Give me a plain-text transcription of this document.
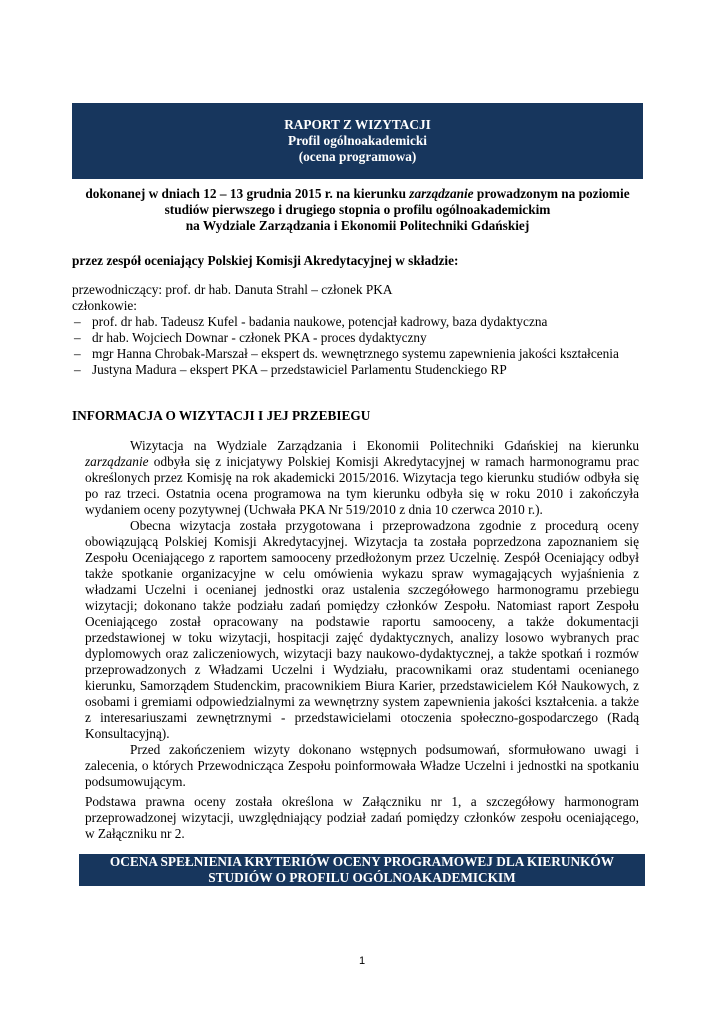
RAPORT Z WIZYTACJI
Profil ogólnoakademicki
(ocena programowa)
dokonanej w dniach 12 – 13 grudnia 2015 r. na kierunku zarządzanie prowadzonym na poziomie studiów pierwszego i drugiego stopnia o profilu ogólnoakademickim
na Wydziale Zarządzania i Ekonomii Politechniki Gdańskiej
przez zespół oceniający Polskiej Komisji Akredytacyjnej w składzie:
przewodniczący: prof. dr hab. Danuta Strahl – członek PKA
członkowie:
– prof. dr hab. Tadeusz Kufel - badania naukowe, potencjał kadrowy, baza dydaktyczna
– dr hab. Wojciech Downar - członek PKA - proces dydaktyczny
– mgr Hanna Chrobak-Marszał – ekspert ds. wewnętrznego systemu zapewnienia jakości kształcenia
– Justyna Madura – ekspert PKA – przedstawiciel Parlamentu Studenckiego RP
INFORMACJA O WIZYTACJI I JEJ PRZEBIEGU

Wizytacja na Wydziale Zarządzania i Ekonomii Politechniki Gdańskiej na kierunku zarządzanie odbyła się z inicjatywy Polskiej Komisji Akredytacyjnej w ramach harmonogramu prac określonych przez Komisję na rok akademicki 2015/2016. Wizytacja tego kierunku studiów odbyła się po raz trzeci. Ostatnia ocena programowa na tym kierunku odbyła się w roku 2010 i zakończyła wydaniem oceny pozytywnej (Uchwała PKA Nr 519/2010 z dnia 10 czerwca 2010 r.).

Obecna wizytacja została przygotowana i przeprowadzona zgodnie z procedurą oceny obowiązującą Polskiej Komisji Akredytacyjnej. Wizytacja ta została poprzedzona zapoznaniem się Zespołu Oceniającego z raportem samooceny przedłożonym przez Uczelnię. Zespół Oceniający odbył także spotkanie organizacyjne w celu omówienia wykazu spraw wymagających wyjaśnienia z władzami Uczelni i ocenianej jednostki oraz ustalenia szczegółowego harmonogramu przebiegu wizytacji; dokonano także podziału zadań pomiędzy członków Zespołu. Natomiast raport Zespołu Oceniającego został opracowany na podstawie raportu samooceny, a także dokumentacji przedstawionej w toku wizytacji, hospitacji zajęć dydaktycznych, analizy losowo wybranych prac dyplomowych oraz zaliczeniowych, wizytacji bazy naukowo-dydaktycznej, a także spotkań i rozmów przeprowadzonych z Władzami Uczelni i Wydziału, pracownikami oraz studentami ocenianego kierunku, Samorządem Studenckim, pracownikiem Biura Karier, przedstawicielem Kół Naukowych, z osobami i gremiami odpowiedzialnymi za wewnętrzny system zapewnienia jakości kształcenia. a także z interesariuszami zewnętrznymi - przedstawicielami otoczenia społeczno-gospodarczego (Radą Konsultacyjną).

Przed zakończeniem wizyty dokonano wstępnych podsumowań, sformułowano uwagi i zalecenia, o których Przewodnicząca Zespołu poinformowała Władze Uczelni i jednostki na spotkaniu podsumowującym.

Podstawa prawna oceny została określona w Załączniku nr 1, a szczegółowy harmonogram przeprowadzonej wizytacji, uwzględniający podział zadań pomiędzy członków zespołu oceniającego, w Załączniku nr 2.

OCENA SPEŁNIENIA KRYTERIÓW OCENY PROGRAMOWEJ DLA KIERUNKÓW
STUDIÓW O PROFILU OGÓLNOAKADEMICKIM
1
